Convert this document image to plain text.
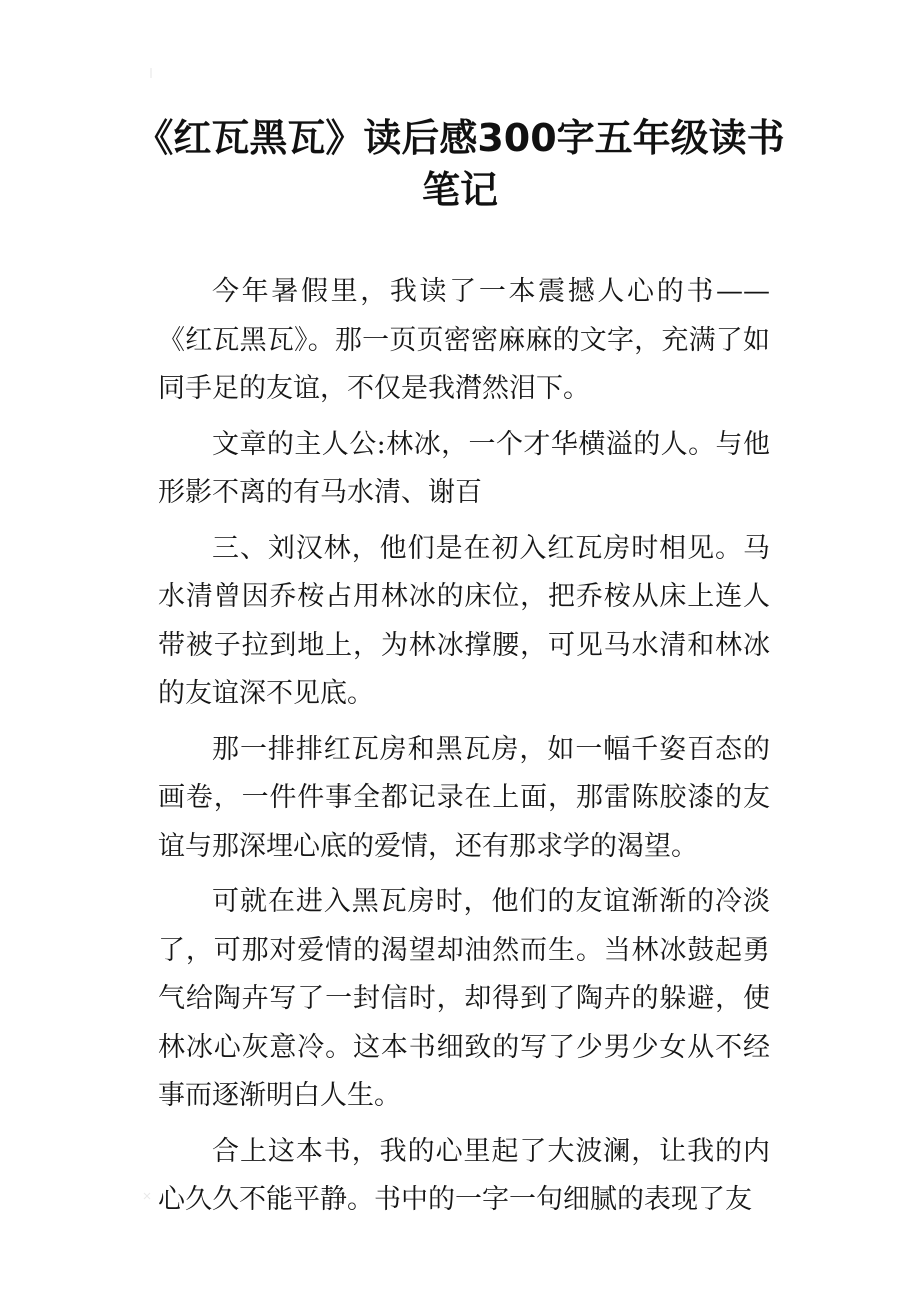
《红瓦黑瓦》读后感300字五年级读书笔记

今年暑假里，我读了一本震撼人心的书——《红瓦黑瓦》。那一页页密密麻麻的文字，充满了如同手足的友谊，不仅是我潸然泪下。

文章的主人公:林冰，一个才华横溢的人。与他形影不离的有马水清、谢百

三、刘汉林，他们是在初入红瓦房时相见。马水清曾因乔桉占用林冰的床位，把乔桉从床上连人带被子拉到地上，为林冰撑腰，可见马水清和林冰的友谊深不见底。

那一排排红瓦房和黑瓦房，如一幅千姿百态的画卷，一件件事全都记录在上面，那雷陈胶漆的友谊与那深埋心底的爱情，还有那求学的渴望。

可就在进入黑瓦房时，他们的友谊渐渐的冷淡了，可那对爱情的渴望却油然而生。当林冰鼓起勇气给陶卉写了一封信时，却得到了陶卉的躲避，使林冰心灰意冷。这本书细致的写了少男少女从不经事而逐渐明白人生。

合上这本书，我的心里起了大波澜，让我的内心久久不能平静。书中的一字一句细腻的表现了友
